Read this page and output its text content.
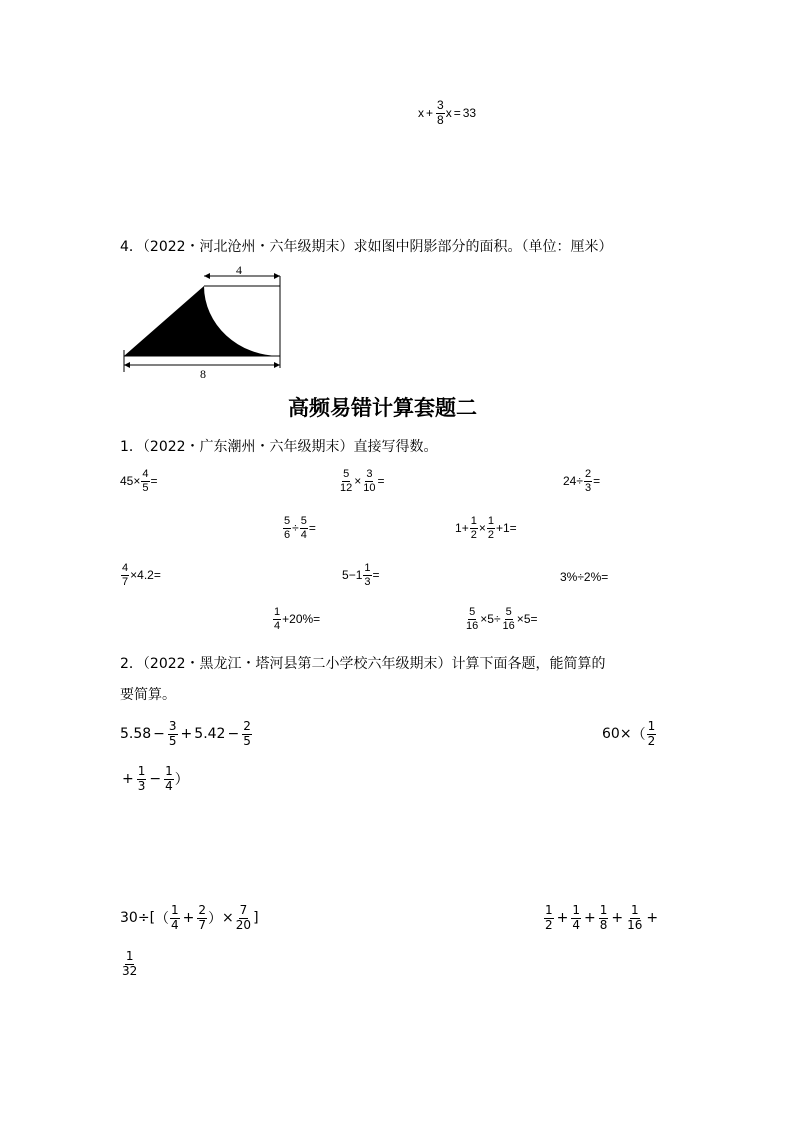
$x + \frac{3}{8}$ x = 33
4．（2022・河北沧州・六年级期末）求如图中阴影部分的面积。（单位：厘米）
4
8
高频易错计算套题二
1．（2022・广东潮州・六年级期末）直接写得数。
$45 \times \frac{4}{5}$ =	$\frac{5}{12} \times \frac{3}{10}$ =	$24 \div \frac{2}{3}$ =
$\frac{5}{6} \div \frac{5}{4}$ =	$1 + \frac{1}{2} \times \frac{1}{2} + 1$ =
$\frac{4}{7} \times 4.2$ =	$5 - 1 \frac{1}{3}$ =	3%÷2%=
$\frac{1}{4} + 20\%$ =	$\frac{5}{16} \times 5 \div \frac{5}{16} \times 5$ =
2．（2022・黑龙江・塔河县第二小学校六年级期末）计算下面各题，能简算的
要简算。
$5.58 - \frac{3}{5} + 5.42 - \frac{2}{5}$	60 × （ $\frac{1}{2}$
+ $\frac{1}{3} - \frac{1}{4}$ ）
30 ÷ [ （ $\frac{1}{4} + \frac{2}{7}$ ） × $\frac{7}{20}$ ]	$\frac{1}{2} + \frac{1}{4} + \frac{1}{8} + \frac{1}{16}$ +
$\frac{1}{32}$
